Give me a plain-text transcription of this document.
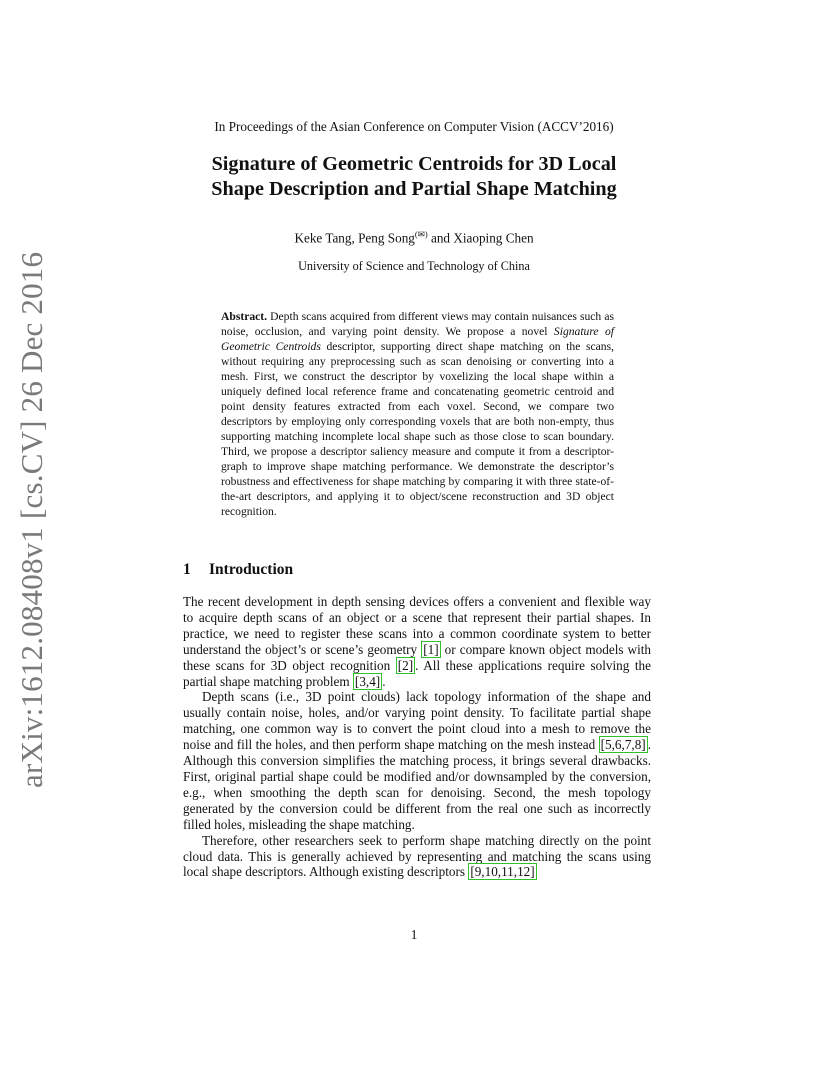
arXiv:1612.08408v1 [cs.CV] 26 Dec 2016
In Proceedings of the Asian Conference on Computer Vision (ACCV’2016)
Signature of Geometric Centroids for 3D Local
Shape Description and Partial Shape Matching
Keke Tang, Peng Song(✉) and Xiaoping Chen
University of Science and Technology of China
Abstract. Depth scans acquired from different views may contain nuisances such as noise, occlusion, and varying point density. We propose a novel Signature of Geometric Centroids descriptor, supporting direct shape matching on the scans, without requiring any preprocessing such as scan denoising or converting into a mesh. First, we construct the descriptor by voxelizing the local shape within a uniquely defined local reference frame and concatenating geometric centroid and point density features extracted from each voxel. Second, we compare two descriptors by employing only corresponding voxels that are both non-empty, thus supporting matching incomplete local shape such as those close to scan boundary. Third, we propose a descriptor saliency measure and compute it from a descriptor-graph to improve shape matching performance. We demonstrate the descriptor’s robustness and effectiveness for shape matching by comparing it with three state-of-the-art descriptors, and applying it to object/scene reconstruction and 3D object recognition.
1 Introduction

The recent development in depth sensing devices offers a convenient and flexible way to acquire depth scans of an object or a scene that represent their partial shapes. In practice, we need to register these scans into a common coordinate system to better understand the object’s or scene’s geometry [1] or compare known object models with these scans for 3D object recognition [2] . All these applications require solving the partial shape matching problem [3,4] .

Depth scans (i.e., 3D point clouds) lack topology information of the shape and usually contain noise, holes, and/or varying point density. To facilitate partial shape matching, one common way is to convert the point cloud into a mesh to remove the noise and fill the holes, and then perform shape matching on the mesh instead [5,6,7,8] . Although this conversion simplifies the matching process, it brings several drawbacks. First, original partial shape could be modified and/or downsampled by the conversion, e.g., when smoothing the depth scan for denoising. Second, the mesh topology generated by the conversion could be different from the real one such as incorrectly filled holes, misleading the shape matching.

Therefore, other researchers seek to perform shape matching directly on the point cloud data. This is generally achieved by representing and matching the scans using local shape descriptors. Although existing descriptors [9,10,11,12]

1
